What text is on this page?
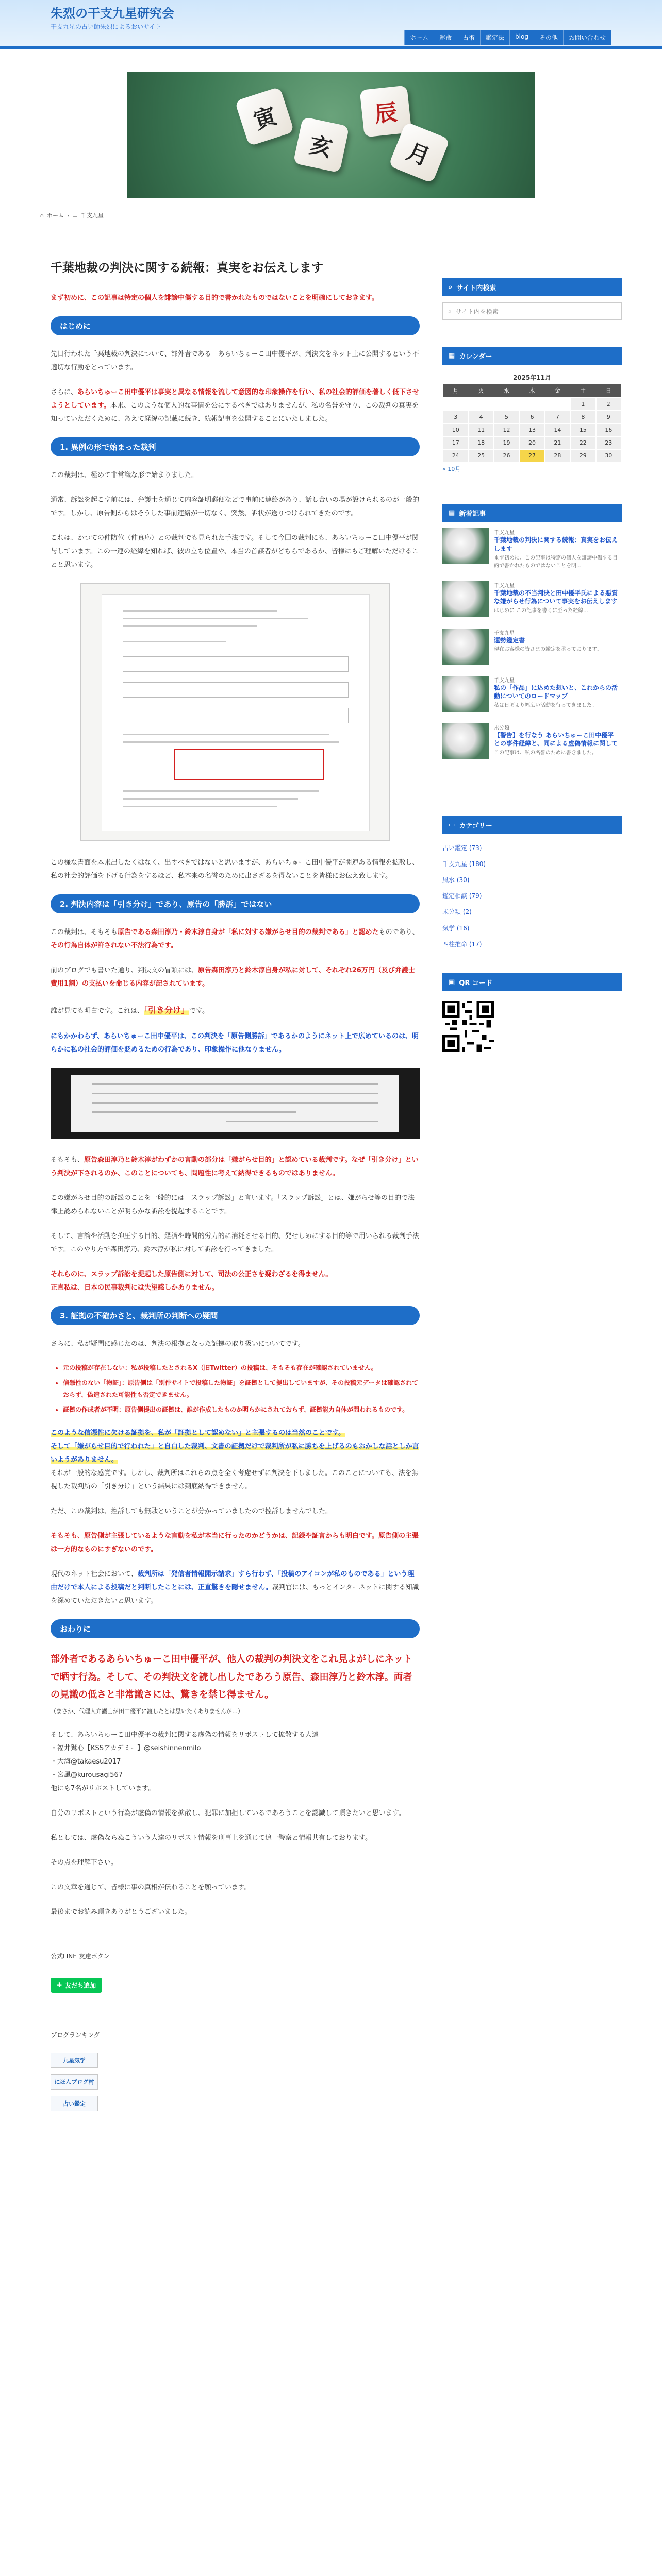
朱烈の干支九星研究会
干支九星の占い師朱烈によるおいサイト
ホーム	運命	占術	鑑定法	blog	その他	お問い合わせ
寅
亥
辰
月
⌂ ホーム › ▭ 千支九星
千葉地裁の判決に関する続報：真実をお伝えします

まず初めに、この記事は特定の個人を誹謗中傷する目的で書かれたものではないことを明確にしておきます。

はじめに

先日行われた千葉地裁の判決について、部外者である　あらいちゅーこ田中優平が、判決文をネット上に公開するという不適切な行動をとっています。

さらに、あらいちゅーこ田中優平は事実と異なる情報を流して意図的な印象操作を行い、私の社会的評価を著しく低下させようとしています。本来、このような個人的な事情を公にするべきではありませんが、私の名誉を守り、この裁判の真実を知っていただくために、あえて経緯の記載に続き、続報記事を公開することにいたしました。

1. 異例の形で始まった裁判

この裁判は、極めて非常識な形で始まりました。

通常、訴訟を起こす前には、弁護士を通じて内容証明郵便などで事前に連絡があり、話し合いの場が設けられるのが一般的です。しかし、原告側からはそうした事前連絡が一切なく、突然、訴状が送りつけられてきたのです。

これは、かつての仲防位（仲真応）との裁判でも見られた手法です。そして今回の裁判にも、あらいちゅーこ田中優平が関与しています。この一連の経緯を知れば、彼の立ち位置や、本当の首謀者がどちらであるか、皆様にもご理解いただけることと思います。

この様な書面を本来出したくはなく、出すべきではないと思いますが、あらいちゅーこ田中優平が関連ある情報を拡散し、私の社会的評価を下げる行為をするほど、私本来の名誉のために出さざるを得ないことを皆様にお伝え致します。

2. 判決内容は「引き分け」であり、原告の「勝訴」ではない

この裁判は、そもそも原告である森田淳乃・鈴木淳自身が「私に対する嫌がらせ目的の裁判である」と認めたものであり、その行為自体が許されない不法行為です。

前のブログでも書いた通り、判決文の冒頭には、原告森田淳乃と鈴木淳自身が私に対して、それぞれ26万円（及び弁護士費用1割）の支払いを命じる内容が記されています。

誰が見ても明白です。これは、「引き分け」です。

にもかかわらず、あらいちゅーこ田中優平は、この判決を「原告側勝訴」であるかのようにネット上で広めているのは、明らかに私の社会的評価を貶めるための行為であり、印象操作に他なりません。

そもそも、原告森田淳乃と鈴木淳がわずかの言動の部分は「嫌がらせ目的」と認めている裁判です。なぜ「引き分け」という判決が下されるのか、このことについても、問題性に考えて納得できるものではありません。

この嫌がらせ目的の訴訟のことを一般的には「スラップ訴訟」と言います。「スラップ訴訟」とは、嫌がらせ等の目的で法律上認められないことが明らかな訴訟を提起することです。

そして、言論や活動を抑圧する目的、経済や時間的労力的に消耗させる目的、発せしめにする目的等で用いられる裁判手法です。このやり方で森田淳乃、鈴木淳が私に対して訴訟を行ってきました。

それらのに、スラップ訴訟を提起した原告側に対して、司法の公正さを疑わざるを得ません。

正直私は、日本の民事裁判には失望感しかありません。

3. 証拠の不確かさと、裁判所の判断への疑問

さらに、私が疑問に感じたのは、判決の根拠となった証拠の取り扱いについてです。

• 元の投稿が存在しない：私が投稿したとされるX（旧Twitter）の投稿は、そもそも存在が確認されていません。
• 信憑性のない「物証」：原告側は「別件サイトで投稿した物証」を証拠として提出していますが、その投稿元データは確認されておらず、偽造された可能性も否定できません。
• 証拠の作成者が不明：原告側提出の証拠は、誰が作成したものか明らかにされておらず、証拠能力自体が問われるものです。

このような信憑性に欠ける証拠を、私が「証拠として認めない」と主張するのは当然のことです。

そして「嫌がらせ目的で行われた」と自白した裁判、文書の証拠だけで裁判所が私に勝ちを上げるのもおかしな話としか言いようがありません。

それが一般的な感覚です。しかし、裁判所はこれらの点を全く考慮せずに判決を下しました。このことについても、法を無視した裁判所の「引き分け」という結果には到底納得できません。

ただ、この裁判は、控訴しても無駄ということが分かっていましたので控訴しませんでした。

そもそも、原告側が主張しているような言動を私が本当に行ったのかどうかは、記録や証言からも明白です。原告側の主張は一方的なものにすぎないのです。

現代のネット社会において、裁判所は「発信者情報開示請求」すら行わず、「投稿のアイコンが私のものである」という理由だけで本人による投稿だと判断したことには、正直驚きを隠せません。裁判官には、もっとインターネットに関する知識を深めていただきたいと思います。

おわりに

部外者であるあらいちゅーこ田中優平が、他人の裁判の判決文をこれ見よがしにネットで晒す行為。そして、その判決文を読し出したであろう原告、森田淳乃と鈴木淳。両者の見識の低さと非常識さには、驚きを禁じ得ません。

（まさか、代理人弁護士が田中優平に渡したとは思いたくありませんが…）

そして、あらいちゅーこ田中優平の裁判に関する虚偽の情報をリポストして拡散する人達

・福井鷲心【KSSアカデミー】@seishinnenmilo
・大海@takaesu2017
・宮風@kurousagi567

他にも7名がリポストしています。

自分のリポストという行為が虚偽の情報を拡散し、犯罪に加担しているであろうことを認識して頂きたいと思います。

私としては、虚偽ならぬこういう人達のリポスト情報を刑事上を通じて追一警察と情報共有しております。

その点を理解下さい。

この文章を通じて、皆様に事の真相が伝わることを願っています。

最後までお読み頂きありがとうございました。

公式LINE 友達ボタン

✚ 友だち追加

ブログランキング

九星気学
にほんブログ村
占い鑑定
⌕ サイト内検索
⌕ サイト内を検索
▦ カレンダー
2025年11月
月	火	水	木	金	土	日
					1	2
3	4	5	6	7	8	9
10	11	12	13	14	15	16
17	18	19	20	21	22	23
24	25	26	27	28	29	30
« 10月
▤ 新着記事
千支九星
千葉地裁の判決に関する続報：真実をお伝えします
まず初めに、この記事は特定の個人を誹謗中傷する目的で書かれたものではないことを明...
千支九星
千葉地裁の不当判決と田中優平氏による悪質な嫌がらせ行為について事実をお伝えします
はじめに この記事を書くに至った経緯...
千支九星
運勢鑑定書
現在お客様の皆さまの鑑定を承っております。
千支九星
私の「作品」に込めた想いと、これからの活動についてのロードマップ
私は日頃より幅広い活動を行ってきました。
未分類
【警告】を行なう あらいちゅーこ田中優平 との事件経緯と、同による虚偽情報に関して
この記事は、私の名誉のために書きました。
▭ カテゴリー
占い鑑定 (73)
千支九星 (180)
風水 (30)
鑑定相談 (79)
未分類 (2)
気学 (16)
四柱推命 (17)
▣ QR コード
